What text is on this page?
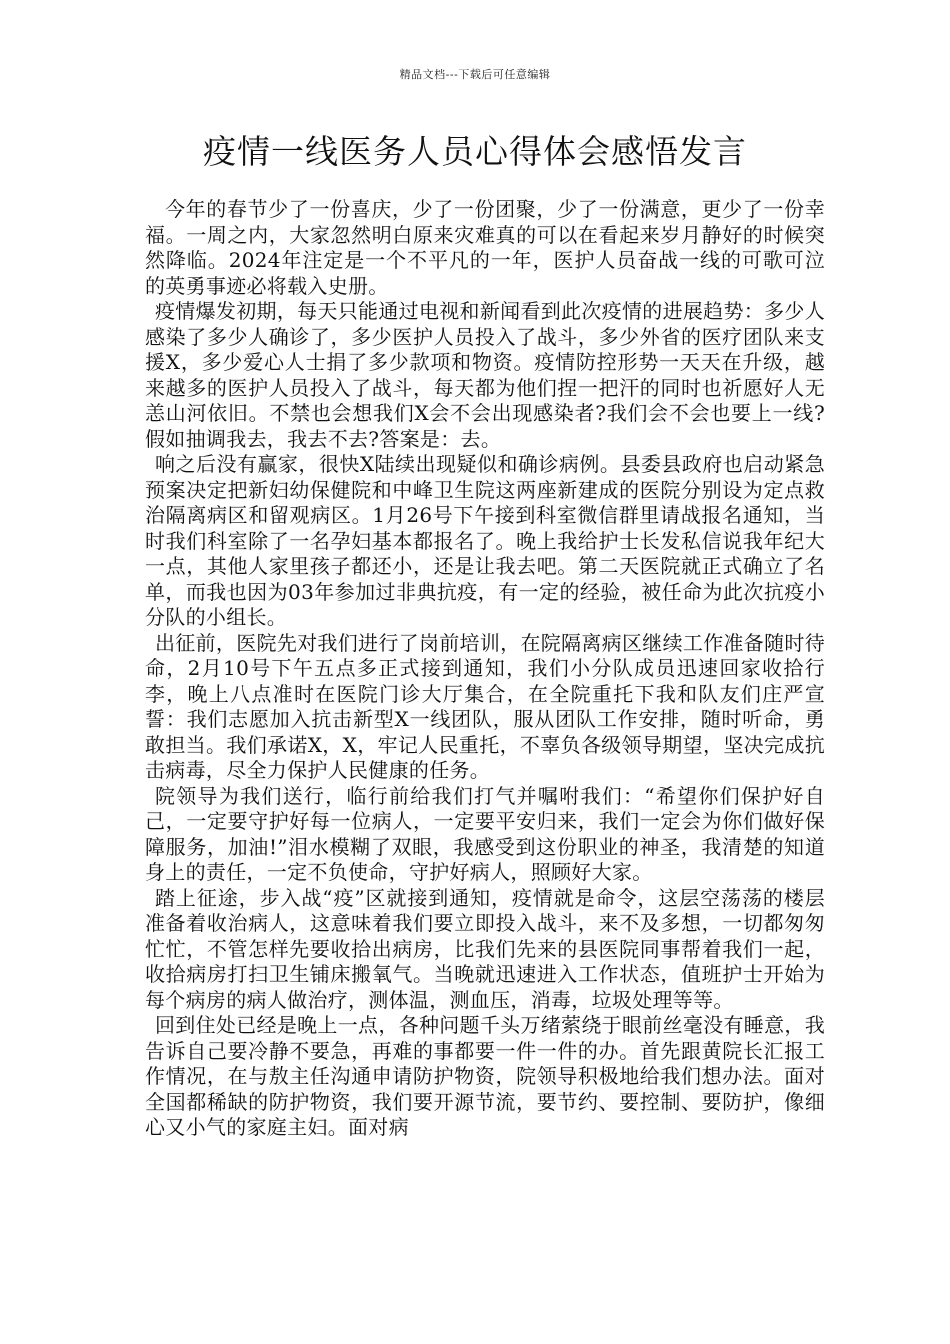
精品文档---下载后可任意编辑
疫情一线医务人员心得体会感悟发言

今年的春节少了一份喜庆，少了一份团聚，少了一份满意，更少了一份幸福。一周之内，大家忽然明白原来灾难真的可以在看起来岁月静好的时候突然降临。2024年注定是一个不平凡的一年，医护人员奋战一线的可歌可泣的英勇事迹必将载入史册。

疫情爆发初期，每天只能通过电视和新闻看到此次疫情的进展趋势：多少人感染了多少人确诊了，多少医护人员投入了战斗，多少外省的医疗团队来支援X，多少爱心人士捐了多少款项和物资。疫情防控形势一天天在升级，越来越多的医护人员投入了战斗，每天都为他们捏一把汗的同时也祈愿好人无恙山河依旧。不禁也会想我们X会不会出现感染者?我们会不会也要上一线?假如抽调我去，我去不去?答案是：去。

响之后没有赢家，很快X陆续出现疑似和确诊病例。县委县政府也启动紧急预案决定把新妇幼保健院和中峰卫生院这两座新建成的医院分别设为定点救治隔离病区和留观病区。1月26号下午接到科室微信群里请战报名通知，当时我们科室除了一名孕妇基本都报名了。晚上我给护士长发私信说我年纪大一点，其他人家里孩子都还小，还是让我去吧。第二天医院就正式确立了名单，而我也因为03年参加过非典抗疫，有一定的经验，被任命为此次抗疫小分队的小组长。

出征前，医院先对我们进行了岗前培训，在院隔离病区继续工作准备随时待命，2月10号下午五点多正式接到通知，我们小分队成员迅速回家收拾行李，晚上八点准时在医院门诊大厅集合，在全院重托下我和队友们庄严宣誓：我们志愿加入抗击新型X一线团队，服从团队工作安排，随时听命，勇敢担当。我们承诺X，X，牢记人民重托，不辜负各级领导期望，坚决完成抗击病毒，尽全力保护人民健康的任务。

院领导为我们送行，临行前给我们打气并嘱咐我们：“希望你们保护好自己，一定要守护好每一位病人，一定要平安归来，我们一定会为你们做好保障服务，加油!”泪水模糊了双眼，我感受到这份职业的神圣，我清楚的知道身上的责任，一定不负使命，守护好病人，照顾好大家。

踏上征途，步入战“疫”区就接到通知，疫情就是命令，这层空荡荡的楼层准备着收治病人，这意味着我们要立即投入战斗，来不及多想，一切都匆匆忙忙，不管怎样先要收拾出病房，比我们先来的县医院同事帮着我们一起，收拾病房打扫卫生铺床搬氧气。当晚就迅速进入工作状态，值班护士开始为每个病房的病人做治疗，测体温，测血压，消毒，垃圾处理等等。

回到住处已经是晚上一点，各种问题千头万绪萦绕于眼前丝毫没有睡意，我告诉自己要冷静不要急，再难的事都要一件一件的办。首先跟黄院长汇报工作情况，在与敖主任沟通申请防护物资，院领导积极地给我们想办法。面对全国都稀缺的防护物资，我们要开源节流，要节约、要控制、要防护，像细心又小气的家庭主妇。面对病
